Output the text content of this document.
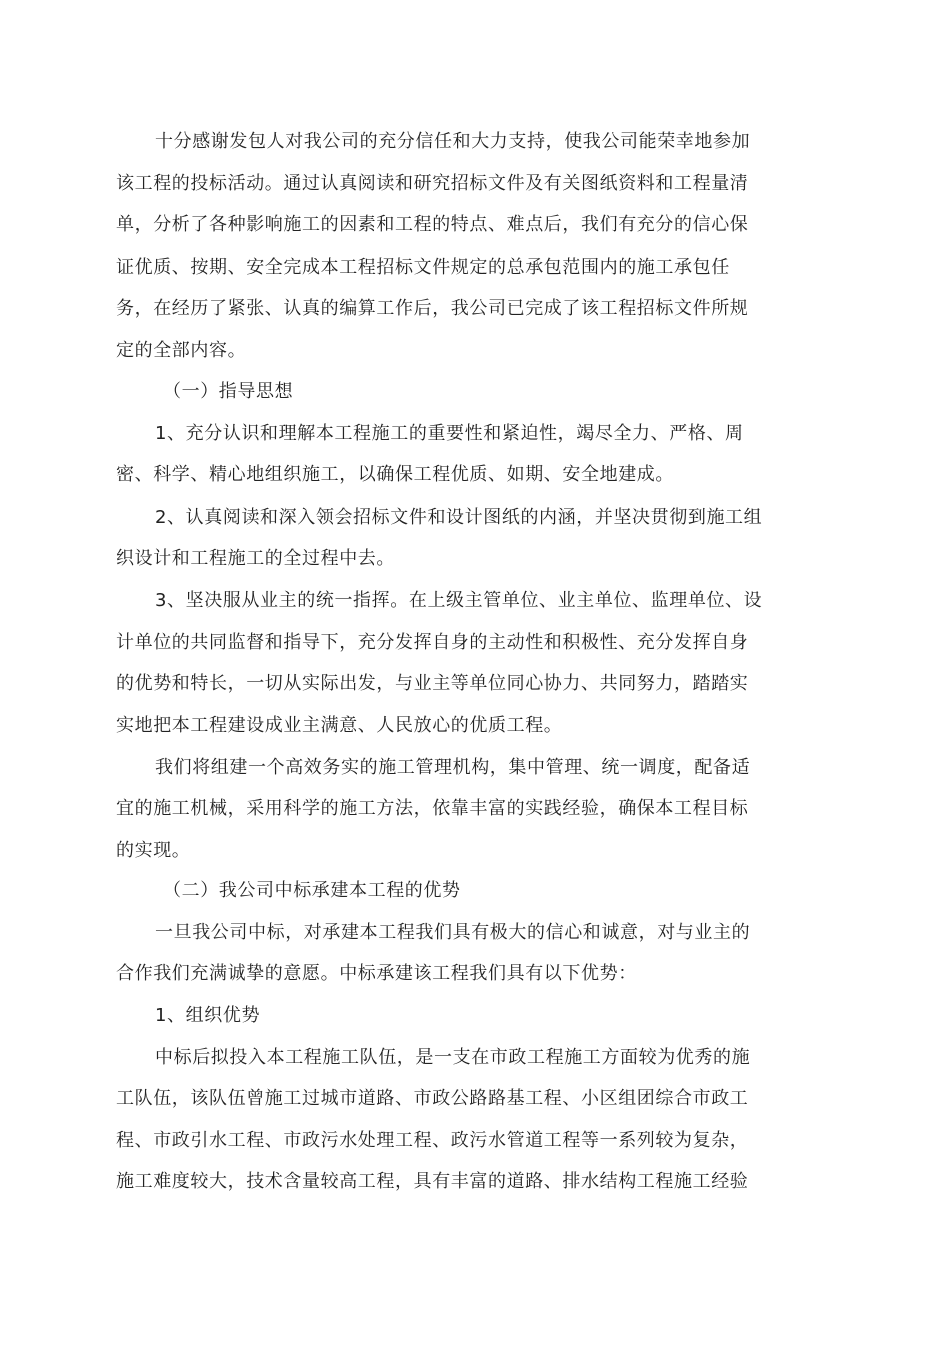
十分感谢发包人对我公司的充分信任和大力支持，使我公司能荣幸地参加
该工程的投标活动。通过认真阅读和研究招标文件及有关图纸资料和工程量清
单，分析了各种影响施工的因素和工程的特点、难点后，我们有充分的信心保
证优质、按期、安全完成本工程招标文件规定的总承包范围内的施工承包任
务，在经历了紧张、认真的编算工作后，我公司已完成了该工程招标文件所规
定的全部内容。
（一）指导思想
1、充分认识和理解本工程施工的重要性和紧迫性，竭尽全力、严格、周
密、科学、精心地组织施工，以确保工程优质、如期、安全地建成。
2、认真阅读和深入领会招标文件和设计图纸的内涵，并坚决贯彻到施工组
织设计和工程施工的全过程中去。
3、坚决服从业主的统一指挥。在上级主管单位、业主单位、监理单位、设
计单位的共同监督和指导下，充分发挥自身的主动性和积极性、充分发挥自身
的优势和特长，一切从实际出发，与业主等单位同心协力、共同努力，踏踏实
实地把本工程建设成业主满意、人民放心的优质工程。
我们将组建一个高效务实的施工管理机构，集中管理、统一调度，配备适
宜的施工机械，采用科学的施工方法，依靠丰富的实践经验，确保本工程目标
的实现。
（二）我公司中标承建本工程的优势
一旦我公司中标，对承建本工程我们具有极大的信心和诚意，对与业主的
合作我们充满诚挚的意愿。中标承建该工程我们具有以下优势：
1、组织优势
中标后拟投入本工程施工队伍，是一支在市政工程施工方面较为优秀的施
工队伍，该队伍曾施工过城市道路、市政公路路基工程、小区组团综合市政工
程、市政引水工程、市政污水处理工程、政污水管道工程等一系列较为复杂，
施工难度较大，技术含量较高工程，具有丰富的道路、排水结构工程施工经验
